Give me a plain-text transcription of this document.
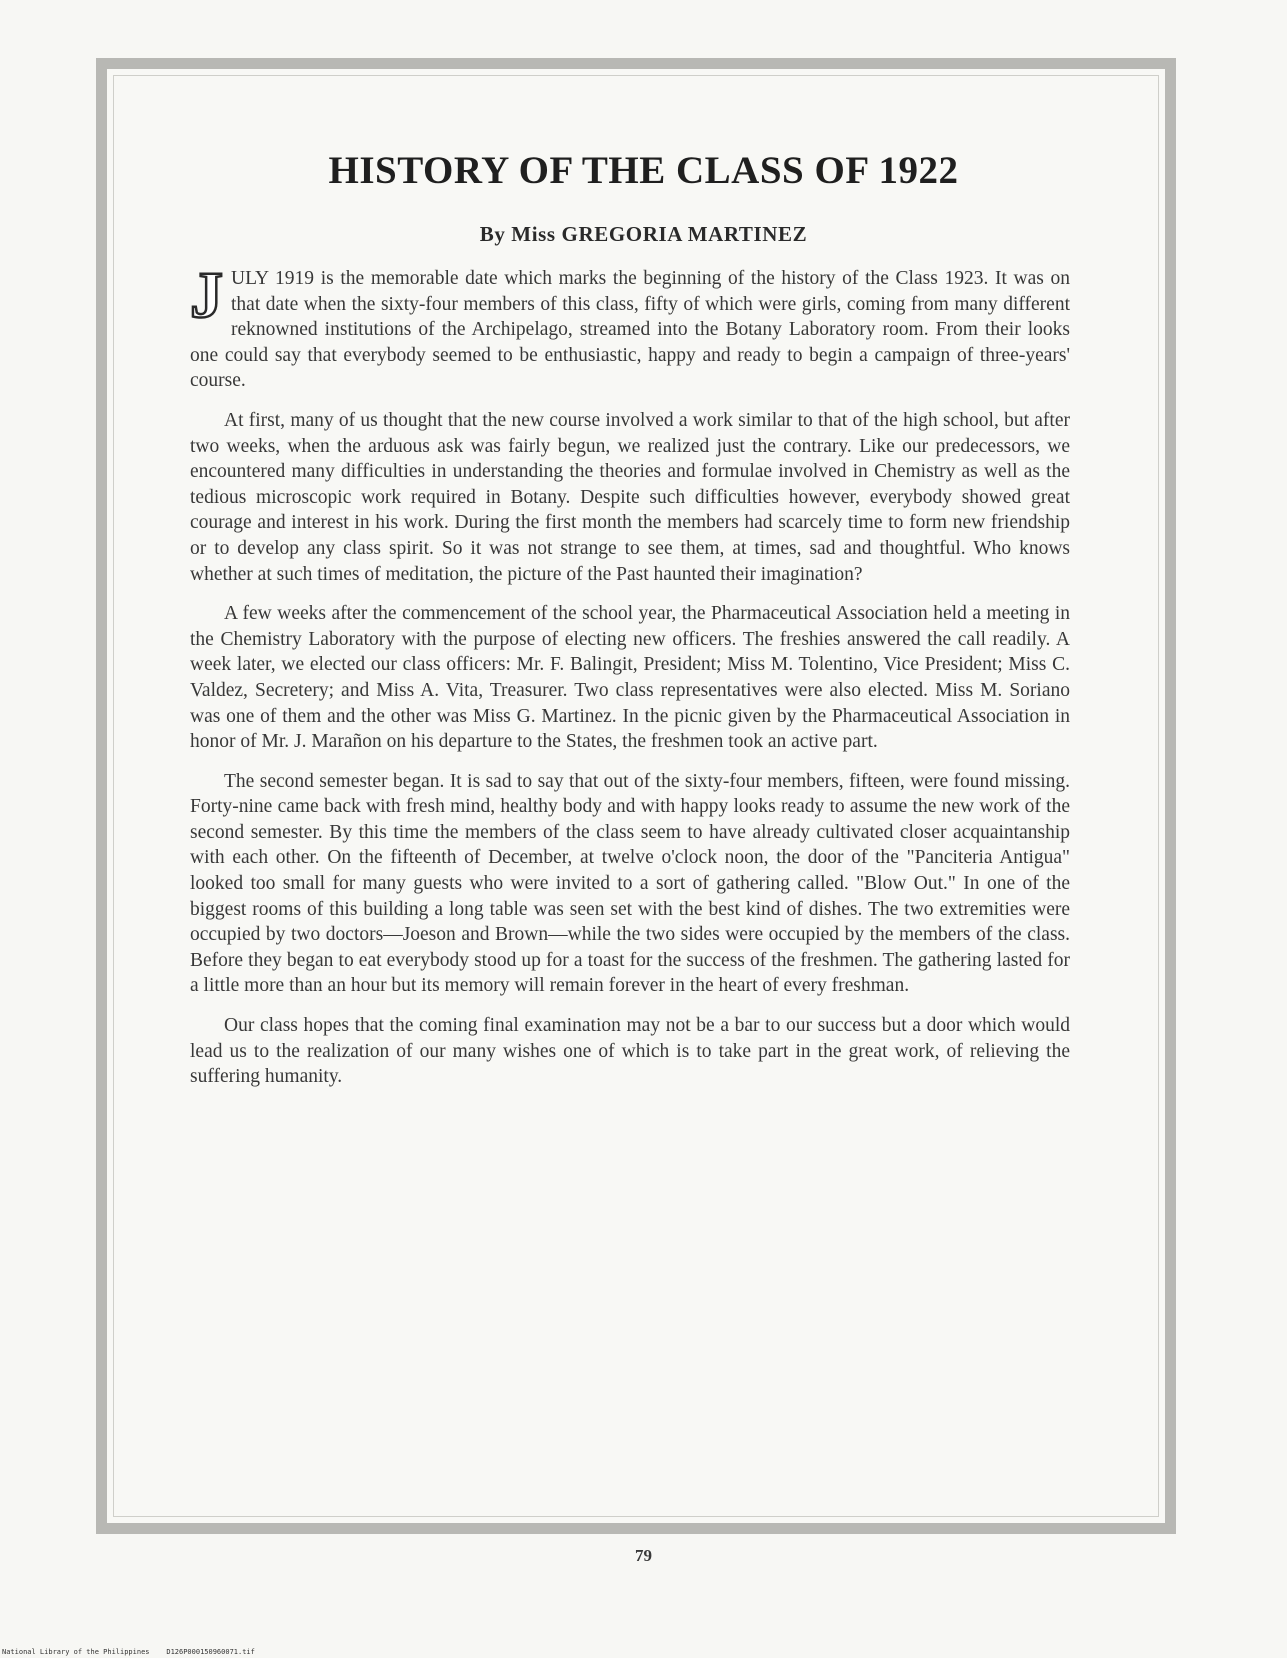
HISTORY OF THE CLASS OF 1922
By Miss GREGORIA MARTINEZ

JULY 1919 is the memorable date which marks the beginning of the history of the Class 1923. It was on that date when the sixty-four members of this class, fifty of which were girls, coming from many different reknowned institutions of the Archipelago, streamed into the Botany Laboratory room. From their looks one could say that everybody seemed to be enthusiastic, happy and ready to begin a campaign of three-years' course.

At first, many of us thought that the new course involved a work similar to that of the high school, but after two weeks, when the arduous ask was fairly begun, we realized just the contrary. Like our predecessors, we encountered many difficulties in understanding the theories and formulae involved in Chemistry as well as the tedious microscopic work required in Botany. Despite such difficulties however, everybody showed great courage and interest in his work. During the first month the members had scarcely time to form new friendship or to develop any class spirit. So it was not strange to see them, at times, sad and thoughtful. Who knows whether at such times of meditation, the picture of the Past haunted their imagination?

A few weeks after the commencement of the school year, the Pharmaceutical Association held a meeting in the Chemistry Laboratory with the purpose of electing new officers. The freshies answered the call readily. A week later, we elected our class officers: Mr. F. Balingit, President; Miss M. Tolentino, Vice President; Miss C. Valdez, Secretery; and Miss A. Vita, Treasurer. Two class representatives were also elected. Miss M. Soriano was one of them and the other was Miss G. Martinez. In the picnic given by the Pharmaceutical Association in honor of Mr. J. Marañon on his departure to the States, the freshmen took an active part.

The second semester began. It is sad to say that out of the sixty-four members, fifteen, were found missing. Forty-nine came back with fresh mind, healthy body and with happy looks ready to assume the new work of the second semester. By this time the members of the class seem to have already cultivated closer acquaintanship with each other. On the fifteenth of December, at twelve o'clock noon, the door of the "Panciteria Antigua" looked too small for many guests who were invited to a sort of gathering called. "Blow Out." In one of the biggest rooms of this building a long table was seen set with the best kind of dishes. The two extremities were occupied by two doctors—Joeson and Brown—while the two sides were occupied by the members of the class. Before they began to eat everybody stood up for a toast for the success of the freshmen. The gathering lasted for a little more than an hour but its memory will remain forever in the heart of every freshman.

Our class hopes that the coming final examination may not be a bar to our success but a door which would lead us to the realization of our many wishes one of which is to take part in the great work, of relieving the suffering humanity.

79
National Library of the Philippines    D126P000150960071.tif
